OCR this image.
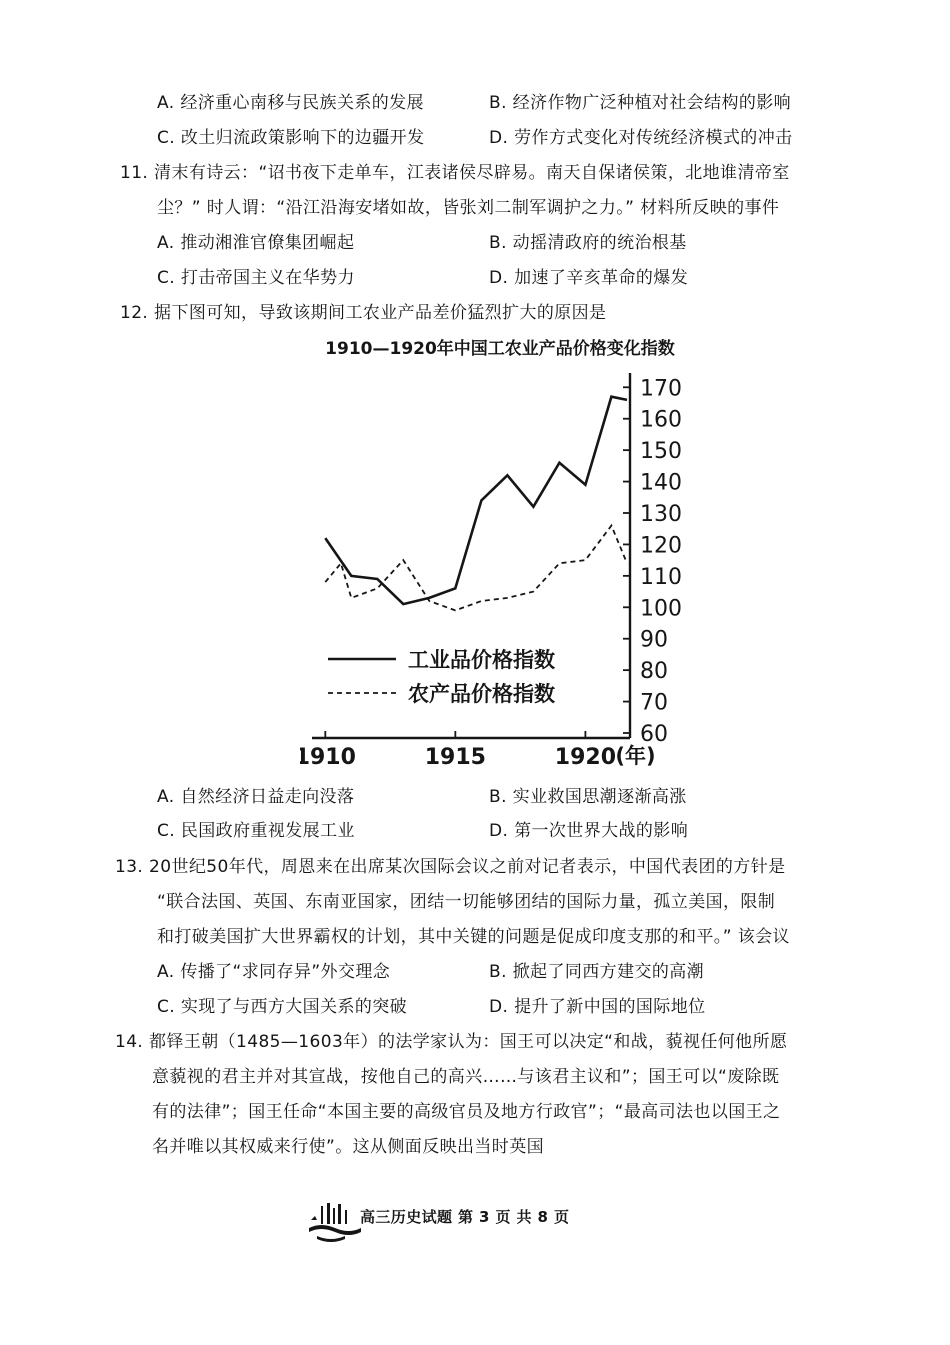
A. 经济重心南移与民族关系的发展	B. 经济作物广泛种植对社会结构的影响
C. 改土归流政策影响下的边疆开发	D. 劳作方式变化对传统经济模式的冲击
11. 清末有诗云：“诏书夜下走单车，江表诸侯尽辟易。南天自保诸侯策，北地谁清帝室
尘？” 时人谓：“沿江沿海安堵如故，皆张刘二制军调护之力。” 材料所反映的事件
A. 推动湘淮官僚集团崛起	B. 动摇清政府的统治根基
C. 打击帝国主义在华势力	D. 加速了辛亥革命的爆发
12. 据下图可知，导致该期间工农业产品差价猛烈扩大的原因是
1910—1920年中国工农业产品价格变化指数
60
70
80
90
100
110
120
130
140
150
160
170
1910	1915	1920 (年)
工业品价格指数
农产品价格指数
A. 自然经济日益走向没落	B. 实业救国思潮逐渐高涨
C. 民国政府重视发展工业	D. 第一次世界大战的影响
13. 20世纪50年代，周恩来在出席某次国际会议之前对记者表示，中国代表团的方针是
“联合法国、英国、东南亚国家，团结一切能够团结的国际力量，孤立美国，限制
和打破美国扩大世界霸权的计划，其中关键的问题是促成印度支那的和平。” 该会议
A. 传播了“求同存异”外交理念	B. 掀起了同西方建交的高潮
C. 实现了与西方大国关系的突破	D. 提升了新中国的国际地位
14. 都铎王朝（1485—1603年）的法学家认为：国王可以决定“和战，藐视任何他所愿
意藐视的君主并对其宣战，按他自己的高兴……与该君主议和”；国王可以“废除既
有的法律”；国王任命“本国主要的高级官员及地方行政官”；“最高司法也以国王之
名并唯以其权威来行使”。这从侧面反映出当时英国
高三历史试题 第 3 页 共 8 页
